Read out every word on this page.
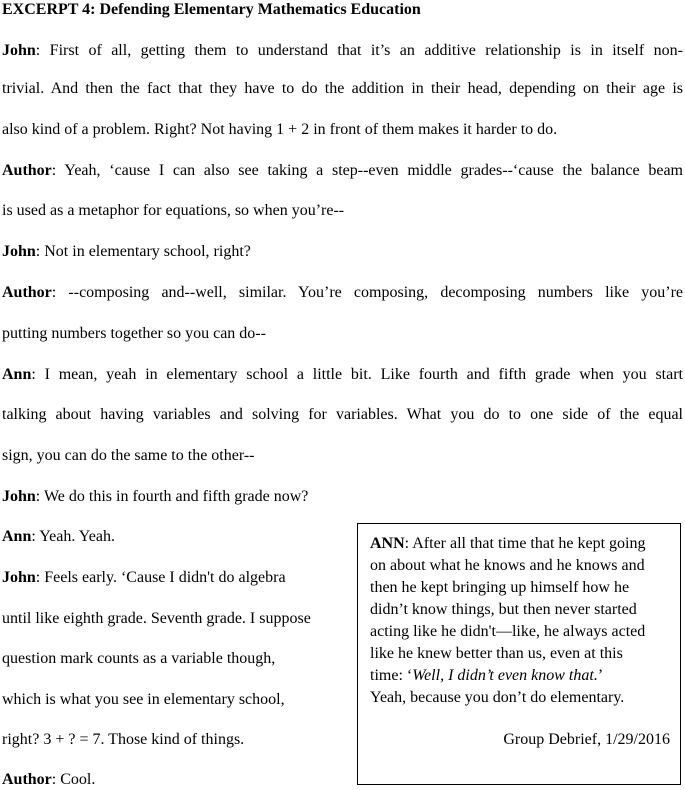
EXCERPT 4: Defending Elementary Mathematics Education
John: First of all, getting them to understand that it’s an additive relationship is in itself non-
trivial. And then the fact that they have to do the addition in their head, depending on their age is
also kind of a problem. Right? Not having 1 + 2 in front of them makes it harder to do.
Author: Yeah, ‘cause I can also see taking a step--even middle grades--‘cause the balance beam
is used as a metaphor for equations, so when you’re--
John: Not in elementary school, right?
Author: --composing and--well, similar. You’re composing, decomposing numbers like you’re
putting numbers together so you can do--
Ann: I mean, yeah in elementary school a little bit. Like fourth and fifth grade when you start
talking about having variables and solving for variables. What you do to one side of the equal
sign, you can do the same to the other--
John: We do this in fourth and fifth grade now?
Ann: Yeah. Yeah.
John: Feels early. ‘Cause I didn't do algebra
until like eighth grade. Seventh grade. I suppose
question mark counts as a variable though,
which is what you see in elementary school,
right? 3 + ? = 7. Those kind of things.
Author: Cool.
ANN: After all that time that he kept going
on about what he knows and he knows and
then he kept bringing up himself how he
didn’t know things, but then never started
acting like he didn't—like, he always acted
like he knew better than us, even at this
time: ‘Well, I didn’t even know that.’
Yeah, because you don’t do elementary.
Group Debrief, 1/29/2016
